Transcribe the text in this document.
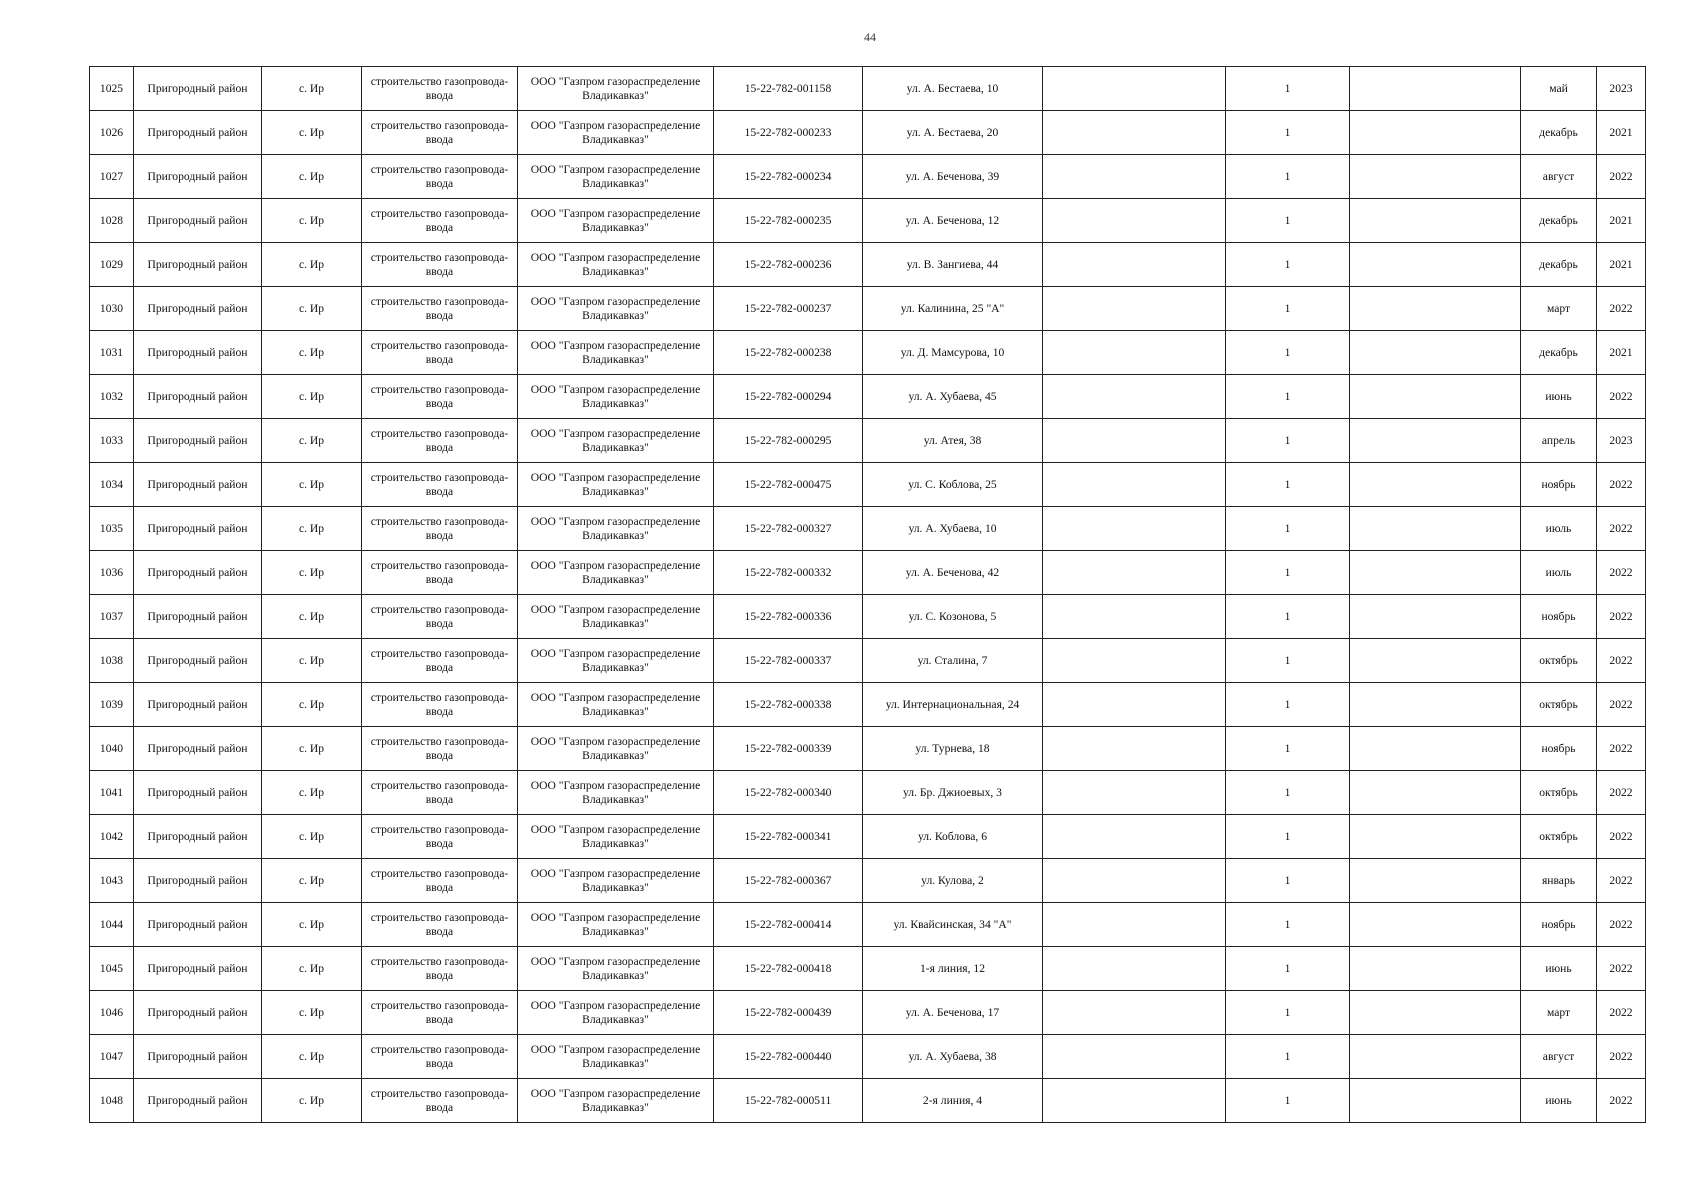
44
1025	Пригородный район	с. Ир	строительство газопровода-ввода	ООО "Газпром газораспределение Владикавказ"	15-22-782-001158	ул. А. Бестаева, 10		1		май	2023
1026	Пригородный район	с. Ир	строительство газопровода-ввода	ООО "Газпром газораспределение Владикавказ"	15-22-782-000233	ул. А. Бестаева, 20		1		декабрь	2021
1027	Пригородный район	с. Ир	строительство газопровода-ввода	ООО "Газпром газораспределение Владикавказ"	15-22-782-000234	ул. А. Беченова, 39		1		август	2022
1028	Пригородный район	с. Ир	строительство газопровода-ввода	ООО "Газпром газораспределение Владикавказ"	15-22-782-000235	ул. А. Беченова, 12		1		декабрь	2021
1029	Пригородный район	с. Ир	строительство газопровода-ввода	ООО "Газпром газораспределение Владикавказ"	15-22-782-000236	ул. В. Зангиева, 44		1		декабрь	2021
1030	Пригородный район	с. Ир	строительство газопровода-ввода	ООО "Газпром газораспределение Владикавказ"	15-22-782-000237	ул. Калинина, 25 "А"		1		март	2022
1031	Пригородный район	с. Ир	строительство газопровода-ввода	ООО "Газпром газораспределение Владикавказ"	15-22-782-000238	ул. Д. Мамсурова, 10		1		декабрь	2021
1032	Пригородный район	с. Ир	строительство газопровода-ввода	ООО "Газпром газораспределение Владикавказ"	15-22-782-000294	ул. А. Хубаева, 45		1		июнь	2022
1033	Пригородный район	с. Ир	строительство газопровода-ввода	ООО "Газпром газораспределение Владикавказ"	15-22-782-000295	ул. Атея, 38		1		апрель	2023
1034	Пригородный район	с. Ир	строительство газопровода-ввода	ООО "Газпром газораспределение Владикавказ"	15-22-782-000475	ул. С. Коблова, 25		1		ноябрь	2022
1035	Пригородный район	с. Ир	строительство газопровода-ввода	ООО "Газпром газораспределение Владикавказ"	15-22-782-000327	ул. А. Хубаева, 10		1		июль	2022
1036	Пригородный район	с. Ир	строительство газопровода-ввода	ООО "Газпром газораспределение Владикавказ"	15-22-782-000332	ул. А. Беченова, 42		1		июль	2022
1037	Пригородный район	с. Ир	строительство газопровода-ввода	ООО "Газпром газораспределение Владикавказ"	15-22-782-000336	ул. С. Козонова, 5		1		ноябрь	2022
1038	Пригородный район	с. Ир	строительство газопровода-ввода	ООО "Газпром газораспределение Владикавказ"	15-22-782-000337	ул. Сталина, 7		1		октябрь	2022
1039	Пригородный район	с. Ир	строительство газопровода-ввода	ООО "Газпром газораспределение Владикавказ"	15-22-782-000338	ул. Интернациональная, 24		1		октябрь	2022
1040	Пригородный район	с. Ир	строительство газопровода-ввода	ООО "Газпром газораспределение Владикавказ"	15-22-782-000339	ул. Турнева, 18		1		ноябрь	2022
1041	Пригородный район	с. Ир	строительство газопровода-ввода	ООО "Газпром газораспределение Владикавказ"	15-22-782-000340	ул. Бр. Джиоевых, 3		1		октябрь	2022
1042	Пригородный район	с. Ир	строительство газопровода-ввода	ООО "Газпром газораспределение Владикавказ"	15-22-782-000341	ул. Коблова, 6		1		октябрь	2022
1043	Пригородный район	с. Ир	строительство газопровода-ввода	ООО "Газпром газораспределение Владикавказ"	15-22-782-000367	ул. Кулова, 2		1		январь	2022
1044	Пригородный район	с. Ир	строительство газопровода-ввода	ООО "Газпром газораспределение Владикавказ"	15-22-782-000414	ул. Квайсинская, 34 "А"		1		ноябрь	2022
1045	Пригородный район	с. Ир	строительство газопровода-ввода	ООО "Газпром газораспределение Владикавказ"	15-22-782-000418	1-я линия, 12		1		июнь	2022
1046	Пригородный район	с. Ир	строительство газопровода-ввода	ООО "Газпром газораспределение Владикавказ"	15-22-782-000439	ул. А. Беченова, 17		1		март	2022
1047	Пригородный район	с. Ир	строительство газопровода-ввода	ООО "Газпром газораспределение Владикавказ"	15-22-782-000440	ул. А. Хубаева, 38		1		август	2022
1048	Пригородный район	с. Ир	строительство газопровода-ввода	ООО "Газпром газораспределение Владикавказ"	15-22-782-000511	2-я линия, 4		1		июнь	2022
